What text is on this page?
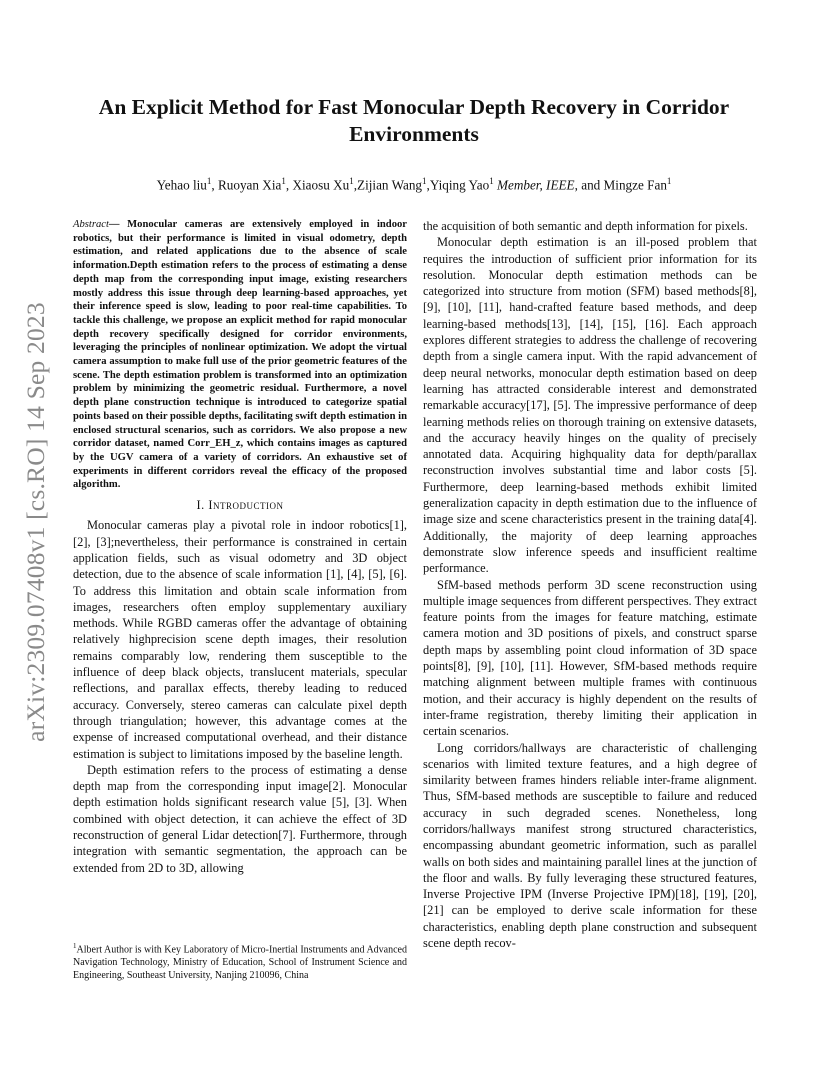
arXiv:2309.07408v1 [cs.RO] 14 Sep 2023
An Explicit Method for Fast Monocular Depth Recovery in Corridor Environments
Yehao liu$^1$, Ruoyan Xia$^1$, Xiaosu Xu$^1$,Zijian Wang$^1$,Yiqing Yao$^1$ Member, IEEE, and Mingze Fan$^1$

Abstract— Monocular cameras are extensively employed in indoor robotics, but their performance is limited in visual odometry, depth estimation, and related applications due to the absence of scale information.Depth estimation refers to the process of estimating a dense depth map from the corresponding input image, existing researchers mostly address this issue through deep learning-based approaches, yet their inference speed is slow, leading to poor real-time capabilities. To tackle this challenge, we propose an explicit method for rapid monocular depth recovery specifically designed for corridor environments, leveraging the principles of nonlinear optimization. We adopt the virtual camera assumption to make full use of the prior geometric features of the scene. The depth estimation problem is transformed into an optimization problem by minimizing the geometric residual. Furthermore, a novel depth plane construction technique is introduced to categorize spatial points based on their possible depths, facilitating swift depth estimation in enclosed structural scenarios, such as corridors. We also propose a new corridor dataset, named Corr_EH_z, which contains images as captured by the UGV camera of a variety of corridors. An exhaustive set of experiments in different corridors reveal the efficacy of the proposed algorithm.

I. Introduction

Monocular cameras play a pivotal role in indoor robotics[1], [2], [3];nevertheless, their performance is constrained in certain application fields, such as visual odometry and 3D object detection, due to the absence of scale information [1], [4], [5], [6]. To address this limitation and obtain scale information from images, researchers often employ supplementary auxiliary methods. While RGBD cameras offer the advantage of obtaining relatively highprecision scene depth images, their resolution remains comparably low, rendering them susceptible to the influence of deep black objects, translucent materials, specular reflections, and parallax effects, thereby leading to reduced accuracy. Conversely, stereo cameras can calculate pixel depth through triangulation; however, this advantage comes at the expense of increased computational overhead, and their distance estimation is subject to limitations imposed by the baseline length.

Depth estimation refers to the process of estimating a dense depth map from the corresponding input image[2]. Monocular depth estimation holds significant research value [5], [3]. When combined with object detection, it can achieve the effect of 3D reconstruction of general Lidar detection[7]. Furthermore, through integration with semantic segmentation, the approach can be extended from 2D to 3D, allowing

the acquisition of both semantic and depth information for pixels.

Monocular depth estimation is an ill-posed problem that requires the introduction of sufficient prior information for its resolution. Monocular depth estimation methods can be categorized into structure from motion (SFM) based methods[8], [9], [10], [11], hand-crafted feature based methods, and deep learning-based methods[13], [14], [15], [16]. Each approach explores different strategies to address the challenge of recovering depth from a single camera input. With the rapid advancement of deep neural networks, monocular depth estimation based on deep learning has attracted considerable interest and demonstrated remarkable accuracy[17], [5]. The impressive performance of deep learning methods relies on thorough training on extensive datasets, and the accuracy heavily hinges on the quality of precisely annotated data. Acquiring highquality data for depth/parallax reconstruction involves substantial time and labor costs [5]. Furthermore, deep learning-based methods exhibit limited generalization capacity in depth estimation due to the influence of image size and scene characteristics present in the training data[4]. Additionally, the majority of deep learning approaches demonstrate slow inference speeds and insufficient realtime performance.

SfM-based methods perform 3D scene reconstruction using multiple image sequences from different perspectives. They extract feature points from the images for feature matching, estimate camera motion and 3D positions of pixels, and construct sparse depth maps by assembling point cloud information of 3D space points[8], [9], [10], [11]. However, SfM-based methods require matching alignment between multiple frames with continuous motion, and their accuracy is highly dependent on the results of inter-frame registration, thereby limiting their application in certain scenarios.

Long corridors/hallways are characteristic of challenging scenarios with limited texture features, and a high degree of similarity between frames hinders reliable inter-frame alignment. Thus, SfM-based methods are susceptible to failure and reduced accuracy in such degraded scenes. Nonetheless, long corridors/hallways manifest strong structured characteristics, encompassing abundant geometric information, such as parallel walls on both sides and maintaining parallel lines at the junction of the floor and walls. By fully leveraging these structured features, Inverse Projective IPM (Inverse Projective IPM)[18], [19], [20], [21] can be employed to derive scale information for these characteristics, enabling depth plane construction and subsequent scene depth recov-

$^1$Albert Author is with Key Laboratory of Micro-Inertial Instruments and Advanced Navigation Technology, Ministry of Education, School of Instrument Science and Engineering, Southeast University, Nanjing 210096, China
